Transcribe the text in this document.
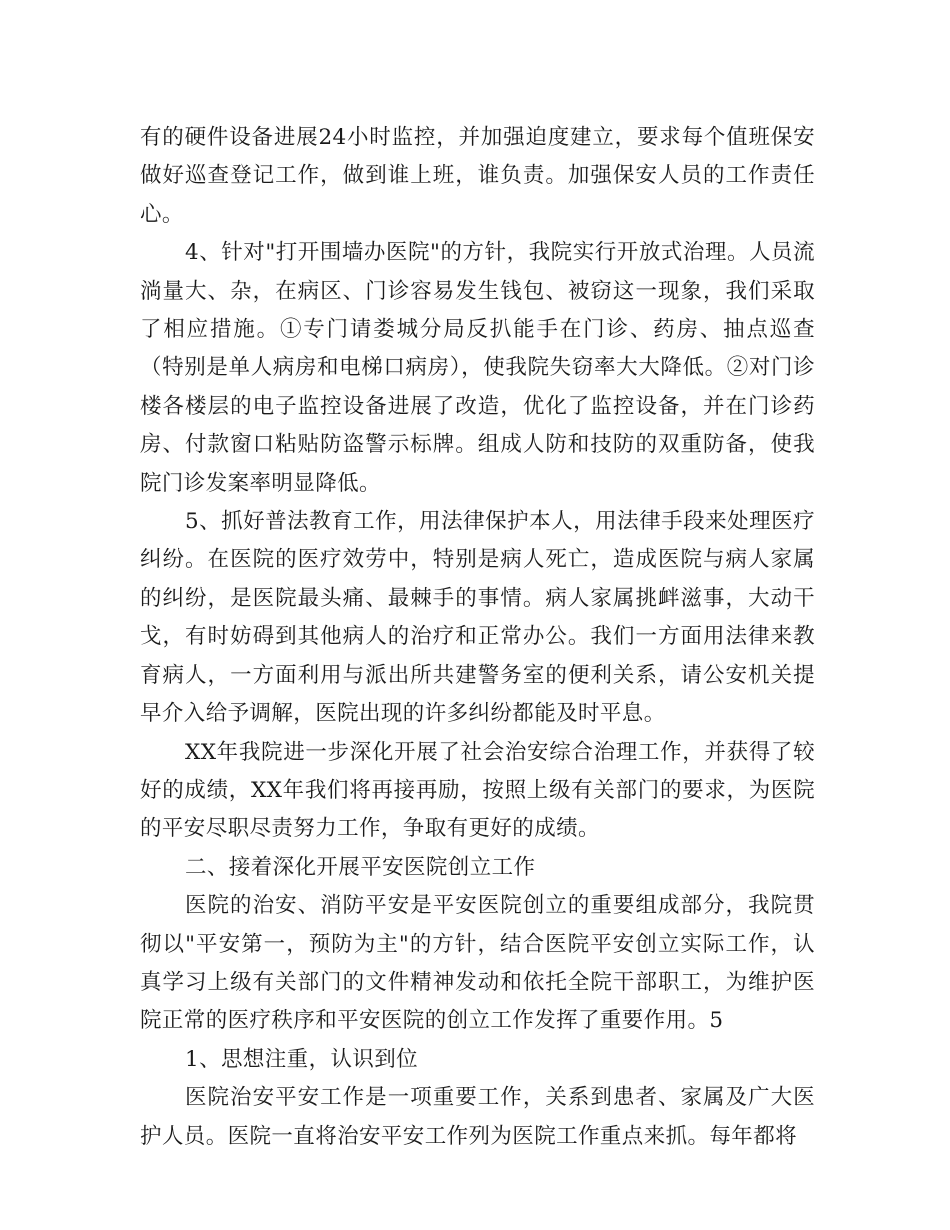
有的硬件设备进展24小时监控，并加强迫度建立，要求每个值班保安做好巡查登记工作，做到谁上班，谁负责。加强保安人员的工作责任心。

4、针对"打开围墙办医院"的方针，我院实行开放式治理。人员流淌量大、杂，在病区、门诊容易发生钱包、被窃这一现象，我们采取了相应措施。①专门请娄城分局反扒能手在门诊、药房、抽点巡查（特别是单人病房和电梯口病房），使我院失窃率大大降低。②对门诊楼各楼层的电子监控设备进展了改造，优化了监控设备，并在门诊药房、付款窗口粘贴防盗警示标牌。组成人防和技防的双重防备，使我院门诊发案率明显降低。

5、抓好普法教育工作，用法律保护本人，用法律手段来处理医疗纠纷。在医院的医疗效劳中，特别是病人死亡，造成医院与病人家属的纠纷，是医院最头痛、最棘手的事情。病人家属挑衅滋事，大动干戈，有时妨碍到其他病人的治疗和正常办公。我们一方面用法律来教育病人，一方面利用与派出所共建警务室的便利关系，请公安机关提早介入给予调解，医院出现的许多纠纷都能及时平息。

XX年我院进一步深化开展了社会治安综合治理工作，并获得了较好的成绩，XX年我们将再接再励，按照上级有关部门的要求，为医院的平安尽职尽责努力工作，争取有更好的成绩。

二、接着深化开展平安医院创立工作

医院的治安、消防平安是平安医院创立的重要组成部分，我院贯彻以"平安第一，预防为主"的方针，结合医院平安创立实际工作，认真学习上级有关部门的文件精神发动和依托全院干部职工，为维护医院正常的医疗秩序和平安医院的创立工作发挥了重要作用。5

1、思想注重，认识到位

医院治安平安工作是一项重要工作，关系到患者、家属及广大医护人员。医院一直将治安平安工作列为医院工作重点来抓。每年都将
